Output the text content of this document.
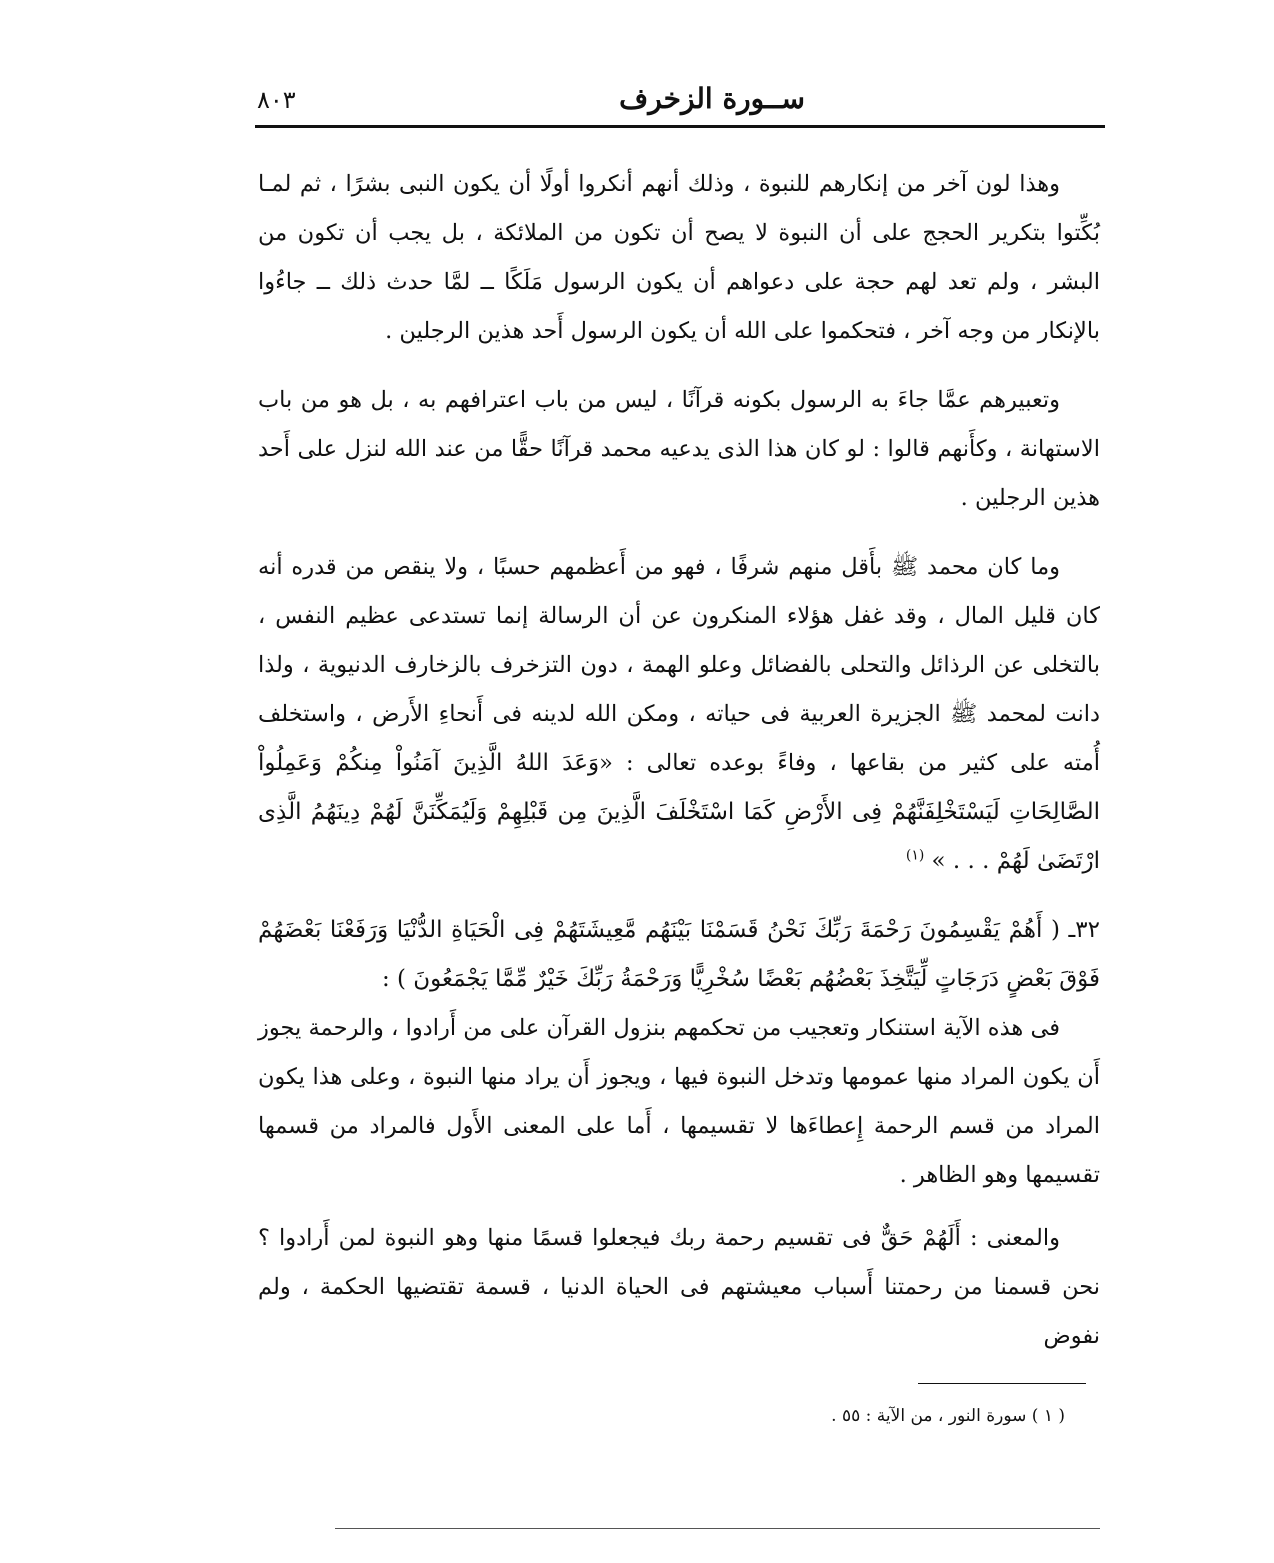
ســورة الزخرف
٨٠٣

وهذا لون آخر من إنكارهم للنبوة ، وذلك أنهم أنكروا أولًا أن يكون النبى بشرًا ، ثم لمـا بُكِّتوا بتكرير الحجج على أن النبوة لا يصح أن تكون من الملائكة ، بل يجب أن تكون من البشر ، ولم تعد لهم حجة على دعواهم أن يكون الرسول مَلَكًا ــ لمَّا حدث ذلك ــ جاءُوا بالإنكار من وجه آخر ، فتحكموا على الله أن يكون الرسول أَحد هذين الرجلين .

وتعبيرهم عمَّا جاءَ به الرسول بكونه قرآنًا ، ليس من باب اعترافهم به ، بل هو من باب الاستهانة ، وكأَنهم قالوا : لو كان هذا الذى يدعيه محمد قرآنًا حقًّا من عند الله لنزل على أَحد هذين الرجلين .

وما كان محمد ﷺ بأَقل منهم شرفًا ، فهو من أَعظمهم حسبًا ، ولا ينقص من قدره أنه كان قليل المال ، وقد غفل هؤلاء المنكرون عن أن الرسالة إنما تستدعى عظيم النفس ، بالتخلى عن الرذائل والتحلى بالفضائل وعلو الهمة ، دون التزخرف بالزخارف الدنيوية ، ولذا دانت لمحمد ﷺ الجزيرة العربية فى حياته ، ومكن الله لدينه فى أَنحاءِ الأَرض ، واستخلف أُمته على كثير من بقاعها ، وفاءً بوعده تعالى : «وَعَدَ اللهُ الَّذِينَ آمَنُواْ مِنكُمْ وَعَمِلُواْ الصَّالِحَاتِ لَيَسْتَخْلِفَنَّهُمْ فِى الأَرْضِ كَمَا اسْتَخْلَفَ الَّذِينَ مِن قَبْلِهِمْ وَلَيُمَكِّنَنَّ لَهُمْ دِينَهُمُ الَّذِى ارْتَضَىٰ لَهُمْ . . . » $^{(١)}$

٣٢ـ ( أَهُمْ يَقْسِمُونَ رَحْمَةَ رَبِّكَ نَحْنُ قَسَمْنَا بَيْنَهُم مَّعِيشَتَهُمْ فِى الْحَيَاةِ الدُّنْيَا وَرَفَعْنَا بَعْضَهُمْ فَوْقَ بَعْضٍ دَرَجَاتٍ لِّيَتَّخِذَ بَعْضُهُم بَعْضًا سُخْرِيًّا وَرَحْمَةُ رَبِّكَ خَيْرٌ مِّمَّا يَجْمَعُونَ ) :

فى هذه الآية استنكار وتعجيب من تحكمهم بنزول القرآن على من أَرادوا ، والرحمة يجوز أَن يكون المراد منها عمومها وتدخل النبوة فيها ، ويجوز أَن يراد منها النبوة ، وعلى هذا يكون المراد من قسم الرحمة إِعطاءَها لا تقسيمها ، أَما على المعنى الأَول فالمراد من قسمها تقسيمها وهو الظاهر .

والمعنى : أَلَهُمْ حَقٌّ فى تقسيم رحمة ربك فيجعلوا قسمًا منها وهو النبوة لمن أَرادوا ؟ نحن قسمنا من رحمتنا أَسباب معيشتهم فى الحياة الدنيا ، قسمة تقتضيها الحكمة ، ولم نفوض

( ١ ) سورة النور ، من الآية : ٥٥ .
